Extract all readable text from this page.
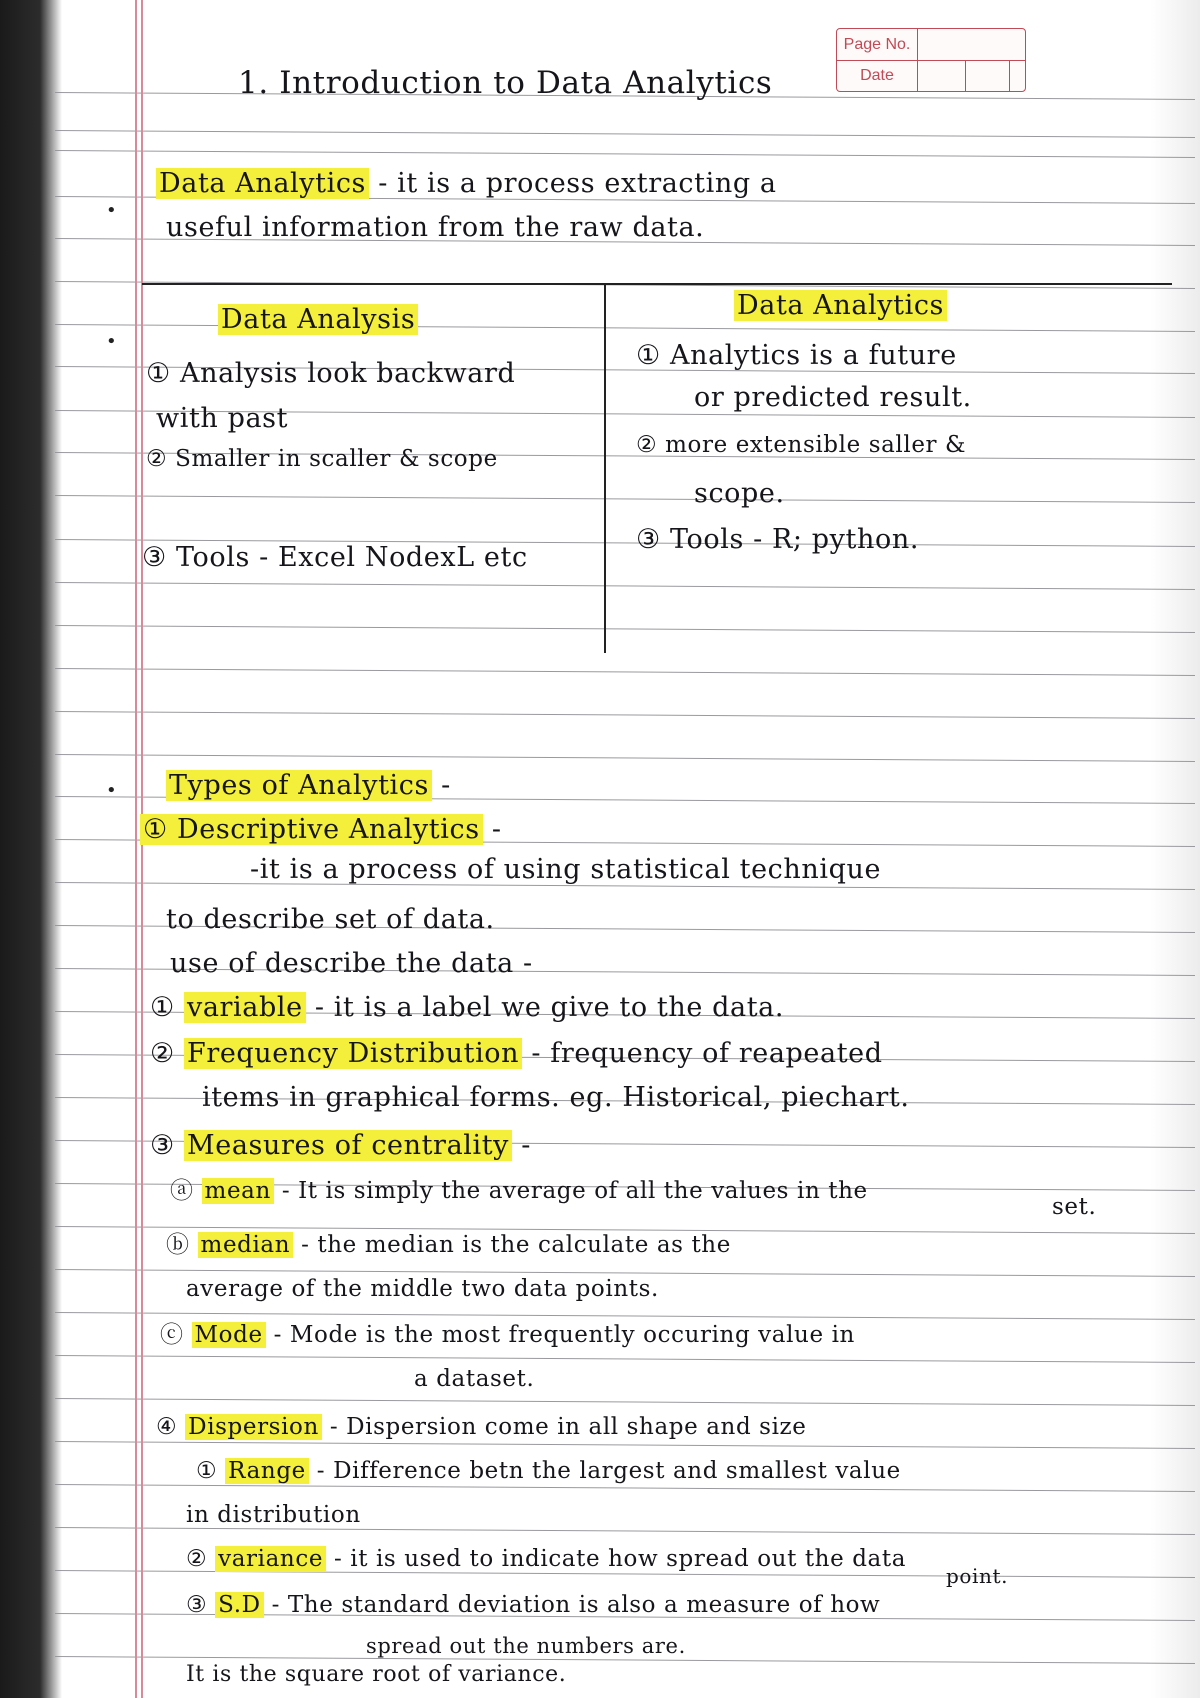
Page No.
Date
1. Introduction to Data Analytics
•
Data Analytics - it is a process extracting a
useful information from the raw data.
•
Data Analysis	Data Analytics
① Analysis look backward
with past
② Smaller in scaller & scope
③ Tools - Excel NodexL etc
① Analytics is a future
or predicted result.
② more extensible saller &
scope.
③ Tools - R; python.
• Types of Analytics -
① Descriptive Analytics -
-it is a process of using statistical technique
to describe set of data.
use of describe the data -
① variable - it is a label we give to the data.
② Frequency Distribution - frequency of reapeated
items in graphical forms. eg. Historical, piechart.
③ Measures of centrality -
ⓐ mean - It is simply the average of all the values in the
set.
ⓑ median - the median is the calculate as the
average of the middle two data points.
ⓒ Mode - Mode is the most frequently occuring value in
a dataset.
④ Dispersion - Dispersion come in all shape and size
① Range - Difference betn the largest and smallest value
in distribution
point.
② variance - it is used to indicate how spread out the data
③ S.D - The standard deviation is also a measure of how
spread out the numbers are.
It is the square root of variance.
